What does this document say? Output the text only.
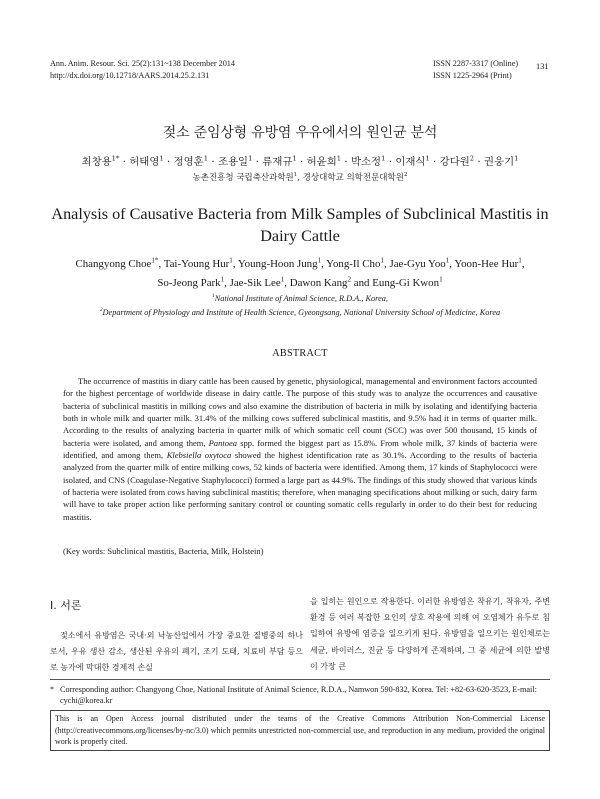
Ann. Anim. Resour. Sci. 25(2):131~138 December 2014
http://dx.doi.org/10.12718/AARS.2014.25.2.131
ISSN 2287-3317 (Online)
ISSN 1225-2964 (Print)
131
젖소 준임상형 유방염 우유에서의 원인균 분석
최창용$^{1*}$ · 허태영$^1$ · 정영훈$^1$ · 조용일$^1$ · 류재규$^1$ · 허윤희$^1$ · 박소정$^1$ · 이재식$^1$ · 강다원$^2$ · 권웅기$^1$
농촌진흥청 국립축산과학원$^1$, 경상대학교 의학전문대학원$^2$
Analysis of Causative Bacteria from Milk Samples of Subclinical Mastitis in
Dairy Cattle
Changyong Choe$^{1*}$, Tai-Young Hur$^1$, Young-Hoon Jung$^1$, Yong-Il Cho$^1$, Jae-Gyu Yoo$^1$, Yoon-Hee Hur$^1$,
So-Jeong Park$^1$, Jae-Sik Lee$^1$, Dawon Kang$^2$ and Eung-Gi Kwon$^1$
$^1$National Institute of Animal Science, R.D.A., Korea,
$^2$Department of Physiology and Institute of Health Science, Gyeongsang, National University School of Medicine, Korea
ABSTRACT

The occurrence of mastitis in diary cattle has been caused by genetic, physiological, managemental and environment factors accounted for the highest percentage of worldwide disease in dairy cattle. The purpose of this study was to analyze the occurrences and causative bacteria of subclinical mastitis in milking cows and also examine the distribution of bacteria in milk by isolating and identifying bacteria both in whole milk and quarter milk. 31.4% of the milking cows suffered subclinical mastitis, and 9.5% had it in terms of quarter milk. According to the results of analyzing bacteria in quarter milk of which somatic cell count (SCC) was over 500 thousand, 15 kinds of bacteria were isolated, and among them, Pantoea spp. formed the biggest part as 15.8%. From whole milk, 37 kinds of bacteria were identified, and among them, Klebsiella oxytoca showed the highest identification rate as 30.1%. According to the results of bacteria analyzed from the quarter milk of entire milking cows, 52 kinds of bacteria were identified. Among them, 17 kinds of Staphylococci were isolated, and CNS (Coagulase-Negative Staphylococci) formed a large part as 44.9%. The findings of this study showed that various kinds of bacteria were isolated from cows having subclinical mastitis; therefore, when managing specifications about milking or such, dairy farm will have to take proper action like performing sanitary control or counting somatic cells regularly in order to do their best for reducing mastitis.

(Key words: Subclinical mastitis, Bacteria, Milk, Holstein)

Ⅰ. 서론
젖소에서 유방염은 국내·외 낙농산업에서 가장 중요한 질병중의 하나로서, 우유 생산 감소, 생산된 우유의 폐기, 조기 도태, 치료비 부담 등으로 농가에 막대한 경제적 손실
을 입히는 원인으로 작용한다. 이러한 유방염은 착유기, 착유자, 주변 환경 등 여러 복잡한 요인의 상호 작용에 의해 여 오염체가 유두로 침입하여 유방에 염증을 일으키게 된다. 유방염을 일으키는 원인체로는 세균, 바이러스, 진균 등 다양하게 존재하며, 그 중 세균에 의한 발병이 가장 큰
* Corresponding author: Changyong Choe, National Institute of Animal Science, R.D.A., Namwon 590-832, Korea. Tel: +82-63-620-3523, E-mail: cychi@korea.kr
This is an Open Access journal distributed under the teams of the Creative Commons Attribution Non-Commercial License (http://creativecommons.org/licenses/by-nc/3.0) which permits unrestricted non-commercial use, and reproduction in any medium, provided the original work is properly cited.
